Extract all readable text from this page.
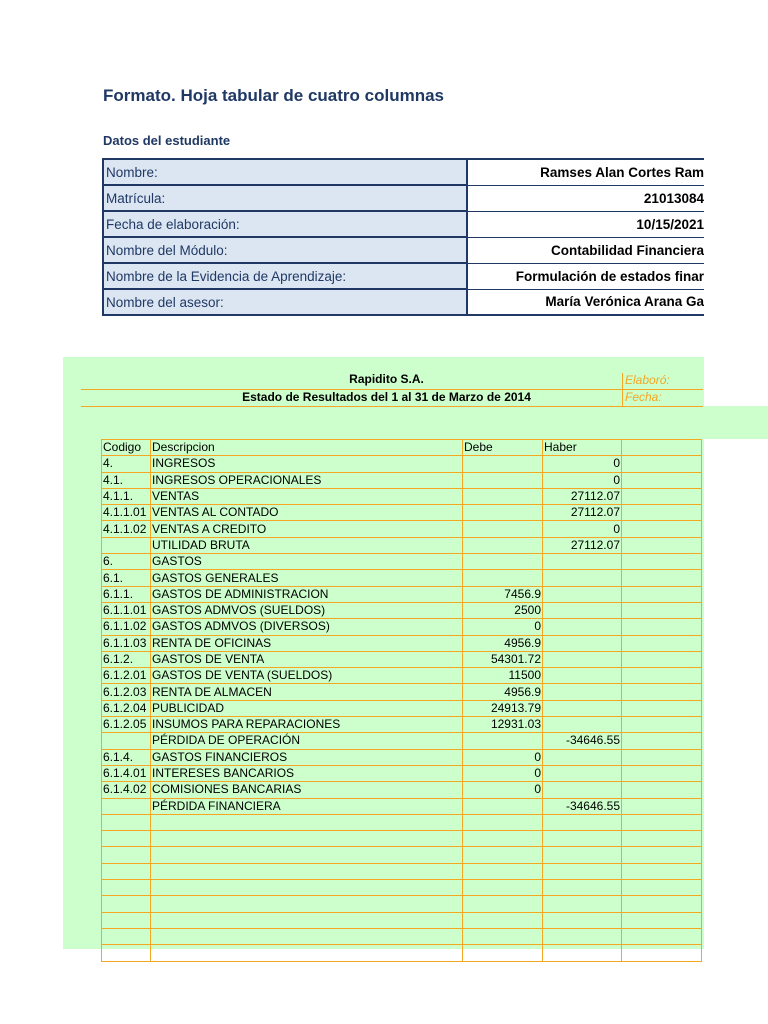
Formato. Hoja tabular de cuatro columnas
Datos del estudiante
Nombre:	Ramses Alan Cortes Ram
Matrícula:	21013084
Fecha de elaboración:	10/15/2021
Nombre del Módulo:	Contabilidad Financiera
Nombre de la Evidencia de Aprendizaje:	Formulación de estados finar
Nombre del asesor:	María Verónica Arana Ga
Rapidito S.A.
Estado de Resultados del 1 al 31 de Marzo de 2014
Elaboró:
Fecha:
Codigo	Descripcion	Debe	Haber	
4.	INGRESOS		0	
4.1.	INGRESOS OPERACIONALES		0	
4.1.1.	VENTAS		27112.07	
4.1.1.01	VENTAS AL CONTADO		27112.07	
4.1.1.02	VENTAS A CREDITO		0	
	UTILIDAD BRUTA		27112.07	
6.	GASTOS			
6.1.	GASTOS GENERALES			
6.1.1.	GASTOS DE ADMINISTRACION	7456.9		
6.1.1.01	GASTOS ADMVOS (SUELDOS)	2500		
6.1.1.02	GASTOS ADMVOS (DIVERSOS)	0		
6.1.1.03	RENTA DE OFICINAS	4956.9		
6.1.2.	GASTOS DE VENTA	54301.72		
6.1.2.01	GASTOS DE VENTA (SUELDOS)	11500		
6.1.2.03	RENTA DE ALMACEN	4956.9		
6.1.2.04	PUBLICIDAD	24913.79		
6.1.2.05	INSUMOS PARA REPARACIONES	12931.03		
	PÉRDIDA DE OPERACIÓN		-34646.55	
6.1.4.	GASTOS FINANCIEROS	0		
6.1.4.01	INTERESES BANCARIOS	0		
6.1.4.02	COMISIONES BANCARIAS	0		
	PÉRDIDA FINANCIERA		-34646.55	
